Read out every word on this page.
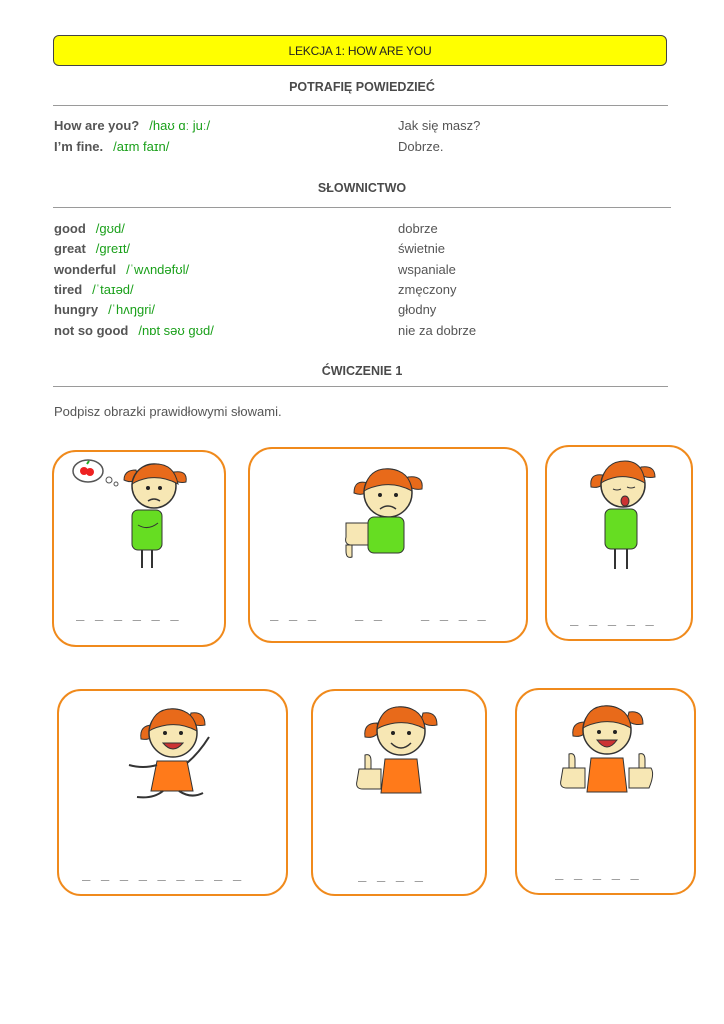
LEKCJA 1: HOW ARE YOU
POTRAFIĘ POWIEDZIEĆ
How are you? /haʊ ɑː juː/	Jak się masz?
I’m fine. /aɪm faɪn/	Dobrze.
SŁOWNICTWO
good /gʊd/	dobrze
great /greɪt/	świetnie
wonderful /ˈwʌndəfʊl/	wspaniale
tired /ˈtaɪəd/	zmęczony
hungry /ˈhʌŋgri/	głodny
not so good /nɒt səʊ gʊd/	nie za dobrze
ĆWICZENIE 1
Podpisz obrazki prawidłowymi słowami.
_ _ _ _ _ _	_ _ _    _ _    _ _ _ _	_ _ _ _ _
_ _ _ _ _ _ _ _ _	_ _ _ _	_ _ _ _ _
